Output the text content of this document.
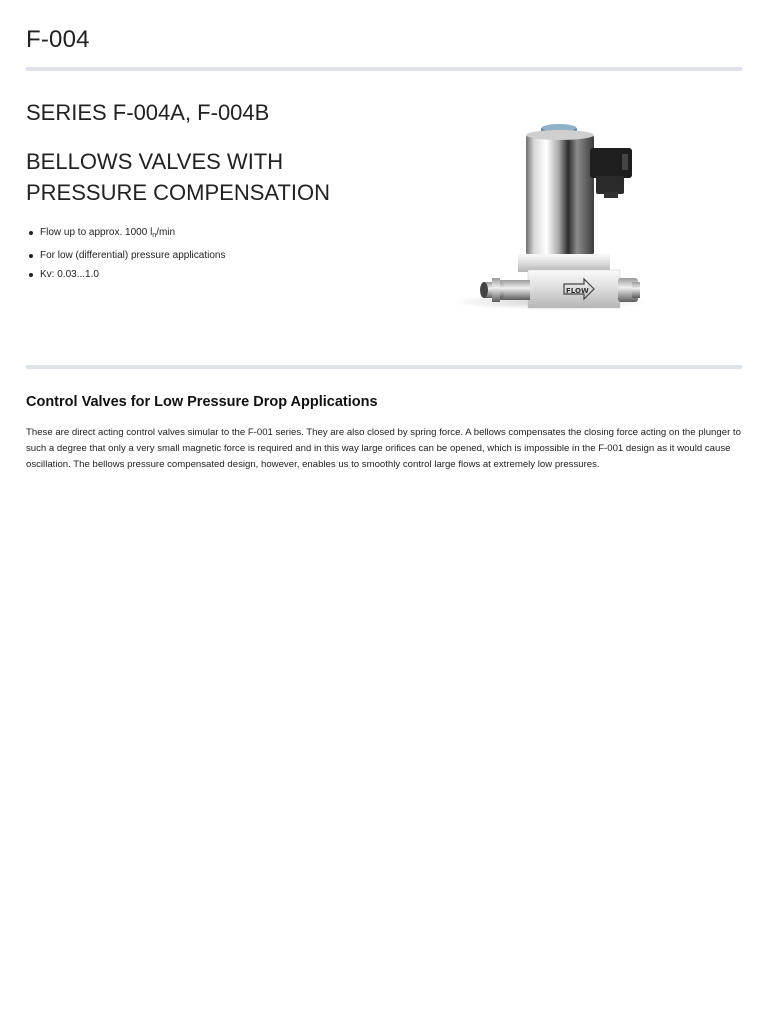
F-004
SERIES F-004A, F-004B
BELLOWS VALVES WITH
PRESSURE COMPENSATION
Flow up to approx. 1000 $l_n/\min$
For low (differential) pressure applications
Kv: 0.03...1.0
FLOW
Control Valves for Low Pressure Drop Applications

These are direct acting control valves simular to the F-001 series. They are also closed by spring force. A bellows compensates the closing force acting on the plunger to such a degree that only a very small magnetic force is required and in this way large orifices can be opened, which is impossible in the F-001 design as it would cause oscillation. The bellows pressure compensated design, however, enables us to smoothly control large flows at extremely low pressures.
